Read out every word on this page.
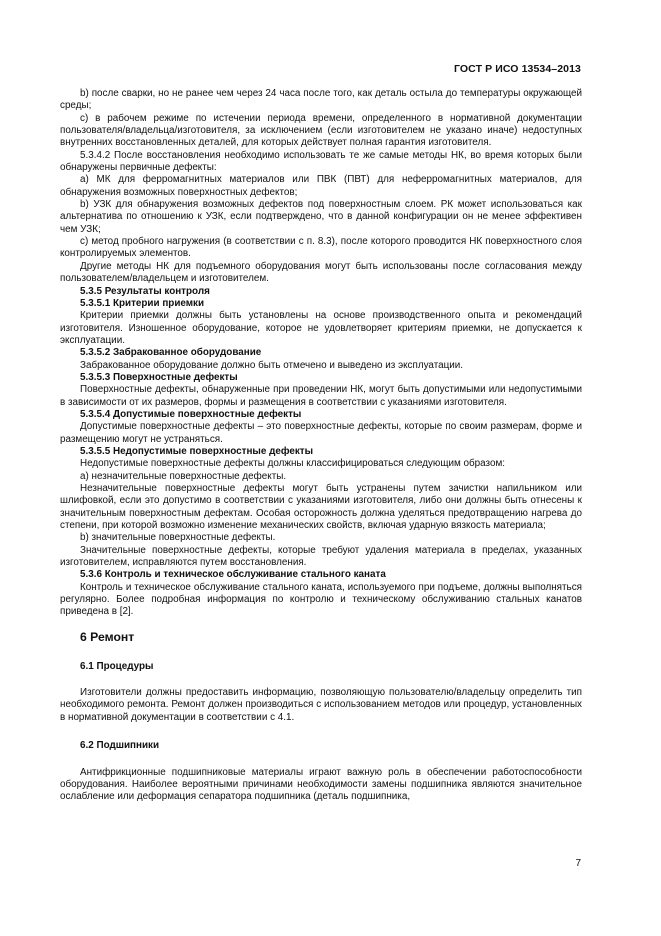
ГОСТ Р ИСО 13534–2013

b) после сварки, но не ранее чем через 24 часа после того, как деталь остыла до температуры окружающей среды;

c) в рабочем режиме по истечении периода времени, определенного в нормативной документации пользователя/владельца/изготовителя, за исключением (если изготовителем не указано иначе) недоступных внутренних восстановленных деталей, для которых действует полная гарантия изготовителя.

5.3.4.2 После восстановления необходимо использовать те же самые методы НК, во время которых были обнаружены первичные дефекты:

a) МК для ферромагнитных материалов или ПВК (ПВТ) для неферромагнитных материалов, для обнаружения возможных поверхностных дефектов;

b) УЗК для обнаружения возможных дефектов под поверхностным слоем. РК может использоваться как альтернатива по отношению к УЗК, если подтверждено, что в данной конфигурации он не менее эффективен чем УЗК;

c) метод пробного нагружения (в соответствии с п. 8.3), после которого проводится НК поверхностного слоя контролируемых элементов.

Другие методы НК для подъемного оборудования могут быть использованы после согласования между пользователем/владельцем и изготовителем.

5.3.5 Результаты контроля

5.3.5.1 Критерии приемки

Критерии приемки должны быть установлены на основе производственного опыта и рекомендаций изготовителя. Изношенное оборудование, которое не удовлетворяет критериям приемки, не допускается к эксплуатации.

5.3.5.2 Забракованное оборудование

Забракованное оборудование должно быть отмечено и выведено из эксплуатации.

5.3.5.3 Поверхностные дефекты

Поверхностные дефекты, обнаруженные при проведении НК, могут быть допустимыми или недопустимыми в зависимости от их размеров, формы и размещения в соответствии с указаниями изготовителя.

5.3.5.4 Допустимые поверхностные дефекты

Допустимые поверхностные дефекты – это поверхностные дефекты, которые по своим размерам, форме и размещению могут не устраняться.

5.3.5.5 Недопустимые поверхностные дефекты

Недопустимые поверхностные дефекты должны классифицироваться следующим образом:

a) незначительные поверхностные дефекты.

Незначительные поверхностные дефекты могут быть устранены путем зачистки напильником или шлифовкой, если это допустимо в соответствии с указаниями изготовителя, либо они должны быть отнесены к значительным поверхностным дефектам. Особая осторожность должна уделяться предотвращению нагрева до степени, при которой возможно изменение механических свойств, включая ударную вязкость материала;

b) значительные поверхностные дефекты.

Значительные поверхностные дефекты, которые требуют удаления материала в пределах, указанных изготовителем, исправляются путем восстановления.

5.3.6 Контроль и техническое обслуживание стального каната

Контроль и техническое обслуживание стального каната, используемого при подъеме, должны выполняться регулярно. Более подробная информация по контролю и техническому обслуживанию стальных канатов приведена в [2].

6 Ремонт

6.1 Процедуры

Изготовители должны предоставить информацию, позволяющую пользователю/владельцу определить тип необходимого ремонта. Ремонт должен производиться с использованием методов или процедур, установленных в нормативной документации в соответствии с 4.1.

6.2 Подшипники

Антифрикционные подшипниковые материалы играют важную роль в обеспечении работоспособности оборудования. Наиболее вероятными причинами необходимости замены подшипника являются значительное ослабление или деформация сепаратора подшипника (деталь подшипника,

7
